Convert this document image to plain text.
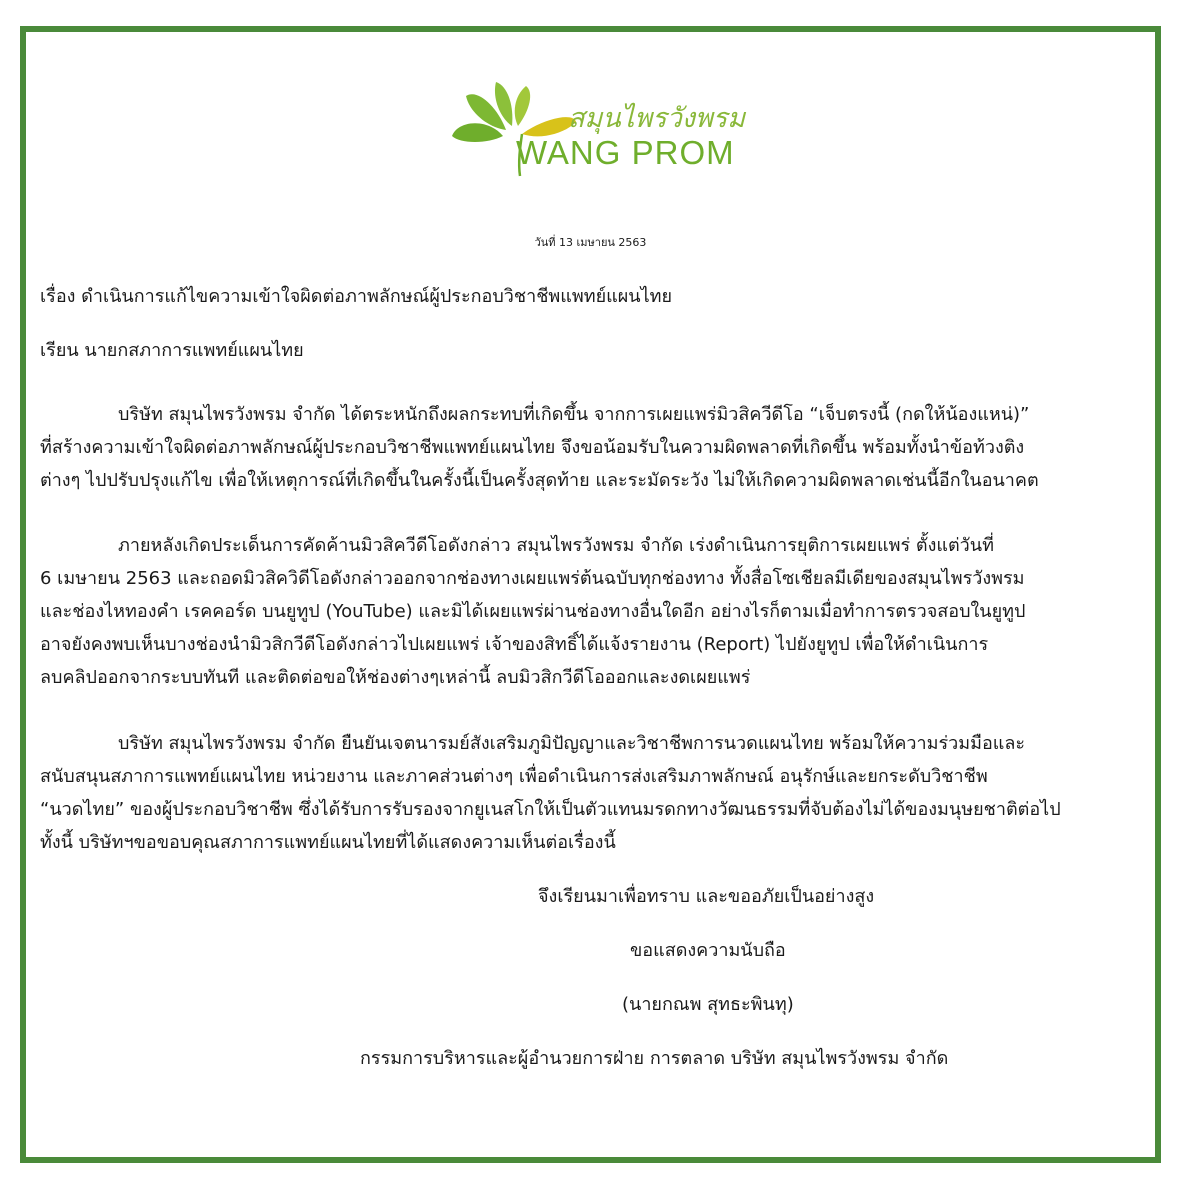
สมุนไพรวังพรม
WANG PROM
วันที่ 13 เมษายน 2563
เรื่อง ดำเนินการแก้ไขความเข้าใจผิดต่อภาพลักษณ์ผู้ประกอบวิชาชีพแพทย์แผนไทย
เรียน นายกสภาการแพทย์แผนไทย
บริษัท สมุนไพรวังพรม จำกัด ได้ตระหนักถึงผลกระทบที่เกิดขึ้น จากการเผยแพร่มิวสิควีดีโอ “เจ็บตรงนี้ (กดให้น้องแหน่)”
ที่สร้างความเข้าใจผิดต่อภาพลักษณ์ผู้ประกอบวิชาชีพแพทย์แผนไทย จึงขอน้อมรับในความผิดพลาดที่เกิดขึ้น พร้อมทั้งนำข้อท้วงติง
ต่างๆ ไปปรับปรุงแก้ไข เพื่อให้เหตุการณ์ที่เกิดขึ้นในครั้งนี้เป็นครั้งสุดท้าย และระมัดระวัง ไม่ให้เกิดความผิดพลาดเช่นนี้อีกในอนาคต
ภายหลังเกิดประเด็นการคัดค้านมิวสิควีดีโอดังกล่าว สมุนไพรวังพรม จำกัด เร่งดำเนินการยุติการเผยแพร่ ตั้งแต่วันที่
6 เมษายน 2563 และถอดมิวสิควิดีโอดังกล่าวออกจากช่องทางเผยแพร่ต้นฉบับทุกช่องทาง ทั้งสื่อโซเชียลมีเดียของสมุนไพรวังพรม
และช่องไหทองคำ เรคคอร์ด บนยูทูป (YouTube) และมิได้เผยแพร่ผ่านช่องทางอื่นใดอีก อย่างไรก็ตามเมื่อทำการตรวจสอบในยูทูป
อาจยังคงพบเห็นบางช่องนำมิวสิกวีดีโอดังกล่าวไปเผยแพร่ เจ้าของสิทธิ์ได้แจ้งรายงาน (Report) ไปยังยูทูป เพื่อให้ดำเนินการ
ลบคลิปออกจากระบบทันที และติดต่อขอให้ช่องต่างๆเหล่านี้ ลบมิวสิกวีดีโอออกและงดเผยแพร่
บริษัท สมุนไพรวังพรม จำกัด ยืนยันเจตนารมย์สังเสริมภูมิปัญญาและวิชาชีพการนวดแผนไทย พร้อมให้ความร่วมมือและ
สนับสนุนสภาการแพทย์แผนไทย หน่วยงาน และภาคส่วนต่างๆ เพื่อดำเนินการส่งเสริมภาพลักษณ์ อนุรักษ์และยกระดับวิชาชีพ
“นวดไทย” ของผู้ประกอบวิชาชีพ ซึ่งได้รับการรับรองจากยูเนสโกให้เป็นตัวแทนมรดกทางวัฒนธรรมที่จับต้องไม่ได้ของมนุษยชาติต่อไป
ทั้งนี้ บริษัทฯขอขอบคุณสภาการแพทย์แผนไทยที่ได้แสดงความเห็นต่อเรื่องนี้
จึงเรียนมาเพื่อทราบ และขออภัยเป็นอย่างสูง
ขอแสดงความนับถือ
(นายกณพ สุทธะพินทุ)
กรรมการบริหารและผู้อำนวยการฝ่าย การตลาด บริษัท สมุนไพรวังพรม จำกัด
